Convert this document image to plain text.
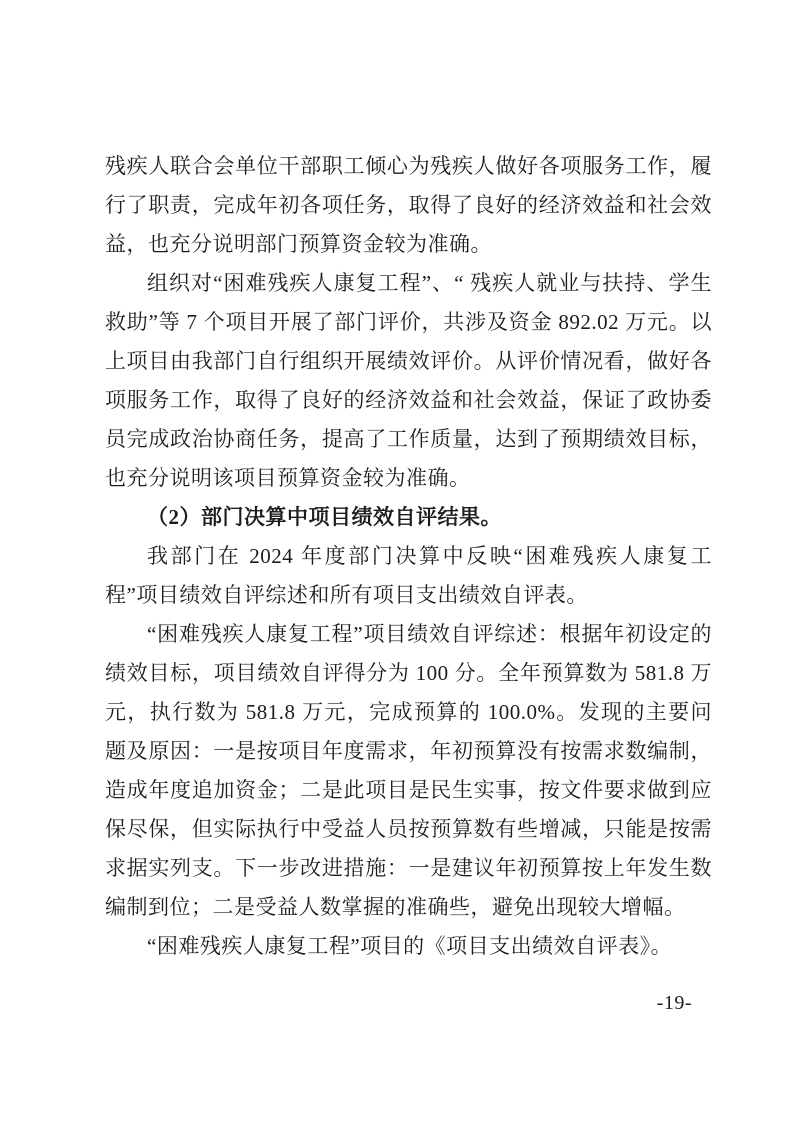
残疾人联合会单位干部职工倾心为残疾人做好各项服务工作，履行了职责，完成年初各项任务，取得了良好的经济效益和社会效益，也充分说明部门预算资金较为准确。

组织对“困难残疾人康复工程”、“ 残疾人就业与扶持、学生救助”等 7 个项目开展了部门评价，共涉及资金 892.02 万元。以上项目由我部门自行组织开展绩效评价。从评价情况看，做好各项服务工作，取得了良好的经济效益和社会效益，保证了政协委员完成政治协商任务，提高了工作质量，达到了预期绩效目标，也充分说明该项目预算资金较为准确。

（2）部门决算中项目绩效自评结果。

我部门在 2024 年度部门决算中反映“困难残疾人康复工程”项目绩效自评综述和所有项目支出绩效自评表。

“困难残疾人康复工程”项目绩效自评综述：根据年初设定的绩效目标，项目绩效自评得分为 100 分。全年预算数为 581.8 万元，执行数为 581.8 万元，完成预算的 100.0%。发现的主要问题及原因：一是按项目年度需求，年初预算没有按需求数编制，造成年度追加资金；二是此项目是民生实事，按文件要求做到应保尽保，但实际执行中受益人员按预算数有些增减，只能是按需求据实列支。下一步改进措施：一是建议年初预算按上年发生数编制到位；二是受益人数掌握的准确些，避免出现较大增幅。

“困难残疾人康复工程”项目的《项目支出绩效自评表》。

-19-
